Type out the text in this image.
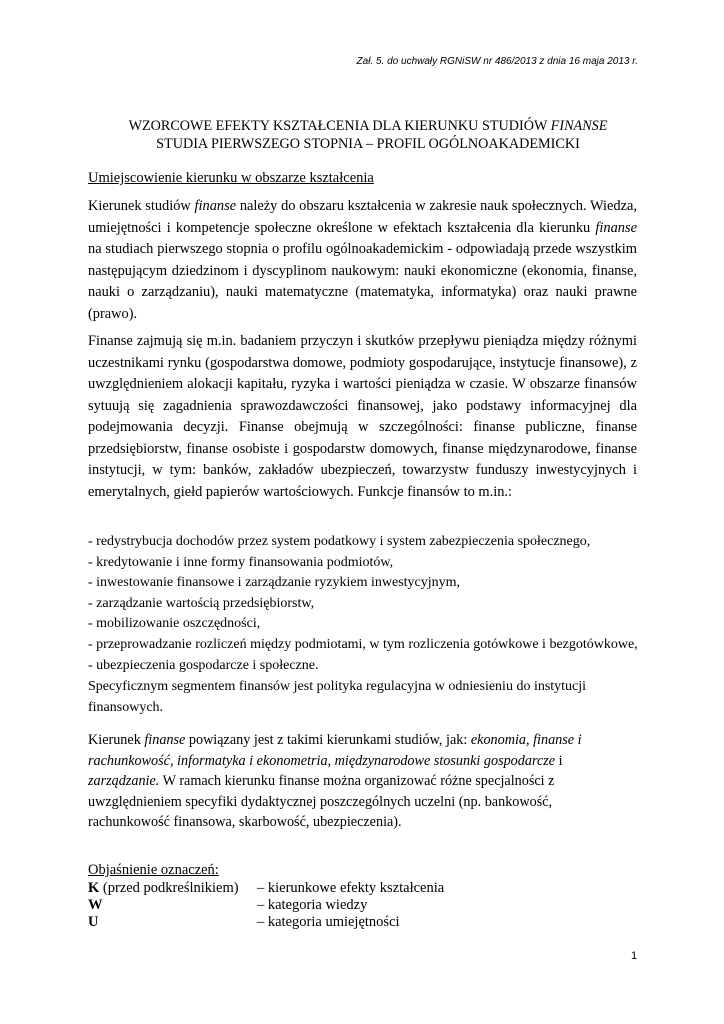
Zał. 5. do uchwały RGNiSW nr 486/2013 z dnia 16 maja 2013 r.
WZORCOWE EFEKTY KSZTAŁCENIA DLA KIERUNKU STUDIÓW FINANSE
STUDIA PIERWSZEGO STOPNIA – PROFIL OGÓLNOAKADEMICKI
Umiejscowienie kierunku w obszarze kształcenia
Kierunek studiów finanse należy do obszaru kształcenia w zakresie nauk społecznych. Wiedza, umiejętności i kompetencje społeczne określone w efektach kształcenia dla kierunku finanse na studiach pierwszego stopnia o profilu ogólnoakademickim - odpowiadają przede wszystkim następującym dziedzinom i dyscyplinom naukowym: nauki ekonomiczne (ekonomia, finanse, nauki o zarządzaniu), nauki matematyczne (matematyka, informatyka) oraz nauki prawne (prawo).
Finanse zajmują się m.in. badaniem przyczyn i skutków przepływu pieniądza między różnymi uczestnikami rynku (gospodarstwa domowe, podmioty gospodarujące, instytucje finansowe), z uwzględnieniem alokacji kapitału, ryzyka i wartości pieniądza w czasie. W obszarze finansów sytuują się zagadnienia sprawozdawczości finansowej, jako podstawy informacyjnej dla podejmowania decyzji. Finanse obejmują w szczególności: finanse publiczne, finanse przedsiębiorstw, finanse osobiste i gospodarstw domowych, finanse międzynarodowe, finanse instytucji, w tym: banków, zakładów ubezpieczeń, towarzystw funduszy inwestycyjnych i emerytalnych, giełd papierów wartościowych. Funkcje finansów to m.in.:
- redystrybucja dochodów przez system podatkowy i system zabezpieczenia społecznego,
- kredytowanie i inne formy finansowania podmiotów,
- inwestowanie finansowe i zarządzanie ryzykiem inwestycyjnym,
- zarządzanie wartością przedsiębiorstw,
- mobilizowanie oszczędności,
- przeprowadzanie rozliczeń między podmiotami, w tym rozliczenia gotówkowe i bezgotówkowe,
- ubezpieczenia gospodarcze i społeczne.
Specyficznym segmentem finansów jest polityka regulacyjna w odniesieniu do instytucji finansowych.
Kierunek finanse powiązany jest z takimi kierunkami studiów, jak: ekonomia, finanse i rachunkowość, informatyka i ekonometria, międzynarodowe stosunki gospodarcze i zarządzanie. W ramach kierunku finanse można organizować różne specjalności z uwzględnieniem specyfiki dydaktycznej poszczególnych uczelni (np. bankowość, rachunkowość finansowa, skarbowość, ubezpieczenia).
Objaśnienie oznaczeń:
K (przed podkreślnikiem) – kierunkowe efekty kształcenia
W	– kategoria wiedzy
U	– kategoria umiejętności
1
